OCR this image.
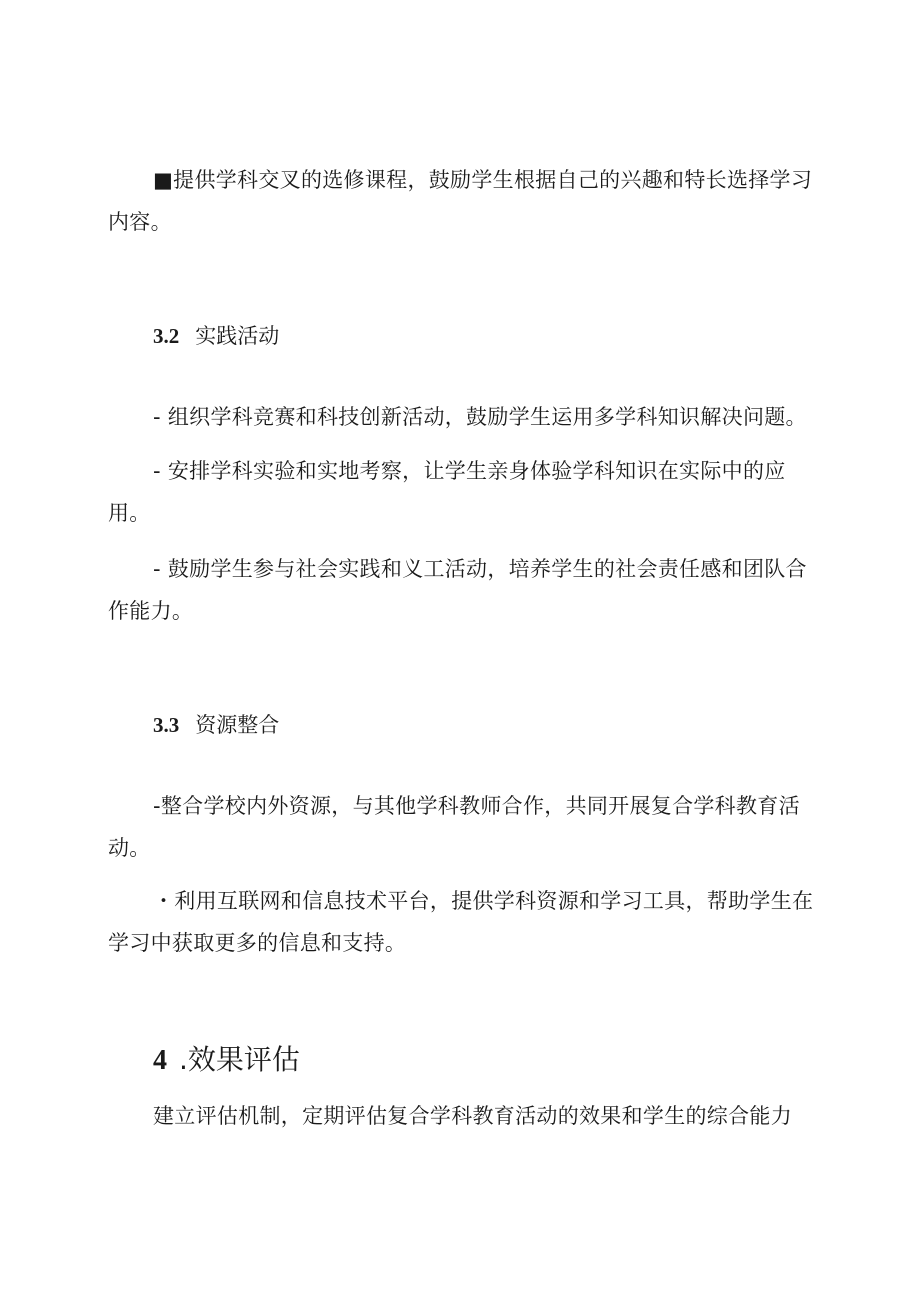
■提供学科交叉的选修课程，鼓励学生根据自己的兴趣和特长选择学习内容。

3.2 实践活动

- 组织学科竞赛和科技创新活动，鼓励学生运用多学科知识解决问题。

- 安排学科实验和实地考察，让学生亲身体验学科知识在实际中的应用。

- 鼓励学生参与社会实践和义工活动，培养学生的社会责任感和团队合作能力。

3.3 资源整合

-整合学校内外资源，与其他学科教师合作，共同开展复合学科教育活动。

・利用互联网和信息技术平台，提供学科资源和学习工具，帮助学生在学习中获取更多的信息和支持。

4 .效果评估

建立评估机制，定期评估复合学科教育活动的效果和学生的综合能力
